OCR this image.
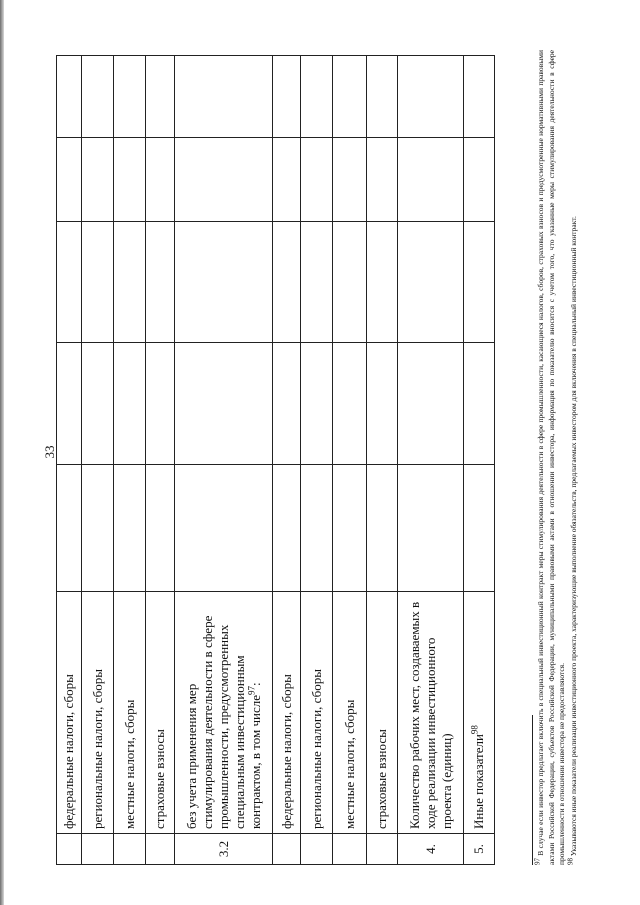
33
	федеральные налоги, сборы					
	региональные налоги, сборы					
	местные налоги, сборы					
	страховые взносы					
3.2	без учета применения мер стимулирования деятельности в сфере промышленности, предусмотренных специальным инвестиционным контрактом, в том числе$^{97}$:					
	федеральные налоги, сборы					
	региональные налоги, сборы					
	местные налоги, сборы					
	страховые взносы					
4.	Количество рабочих мест, создаваемых в ходе реализации инвестиционного проекта (единиц)					
5.	Иные показатели$^{98}$					

$^{97}$ В случае если инвестор предлагает включить в специальный инвестиционный контракт меры стимулирования деятельности в сфере промышленности, касающиеся налогов, сборов, страховых взносов и предусмотренные нормативными правовыми актами Российской Федерации, субъектов Российской Федерации, муниципальными правовыми актами в отношении инвестора, информация по показателю вносится с учетом того, что указанные меры стимулирования деятельности в сфере промышленности в отношении инвестора не предоставляются. $^{98}$ Указываются иные показатели реализации инвестиционного проекта, характеризующие выполнение обязательств, предлагаемых инвестором для включения в специальный инвестиционный контракт.
